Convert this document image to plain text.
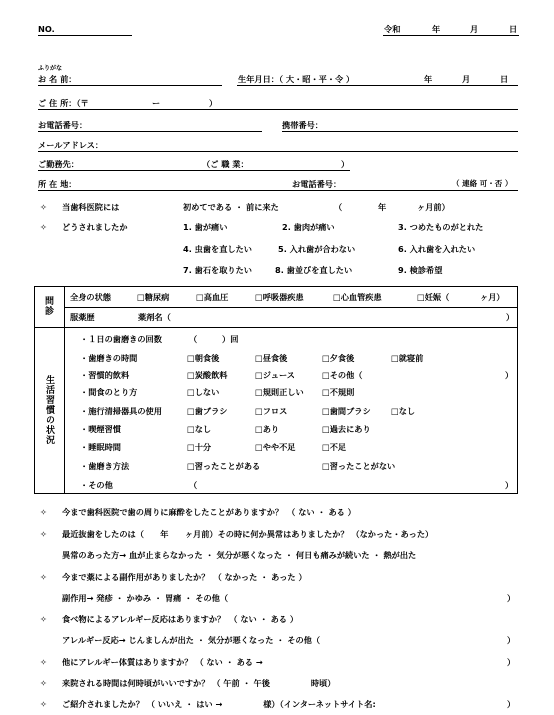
NO.	令和	年	月	日
ふりがな
お 名 前：	生年月日：（ 大・昭・平・令 ）	年	月	日
ご 住 所：（〒	ー	）
お電話番号：	携帯番号：
メールアドレス：
ご勤務先：	（ご 職 業：	）
所 在 地：	お電話番号：	（ 連絡 可・否 ）
✧ 当歯科医院には	初めてである ・ 前に来た	（	年	ヶ月前）
✧ どうされましたか	1. 歯が痛い	2. 歯肉が痛い	3. つめたものがとれた
4. 虫歯を直したい	5. 入れ歯が合わない	6. 入れ歯を入れたい
7. 歯石を取りたい	8. 歯並びを直したい	9. 検診希望
問診 全身の状態	□糖尿病	□高血圧	□呼吸器疾患	□心血管疾患	□妊娠（	ヶ月）
服薬歴	薬剤名（	）
生活習慣の状況
・１日の歯磨きの回数	（	）回
・歯磨きの時間	□朝食後	□昼食後	□夕食後	□就寝前
・習慣的飲料	□炭酸飲料	□ジュース	□その他（	）
・間食のとり方	□しない	□規則正しい □不規則
・施行清掃器具の使用	□歯ブラシ	□フロス	□歯間ブラシ □なし
・喫煙習慣	□なし	□あり	□過去にあり
・睡眠時間	□十分	□やや不足	□不足
・歯磨き方法	□習ったことがある	□習ったことがない
・その他	（	）
✧ 今まで歯科医院で歯の周りに麻酔をしたことがありますか？　（ ない ・ ある ）
✧ 最近抜歯をしたのは（　　年　　ヶ月前）その時に何か異常はありましたか？ （なかった・あった）
異常のあった方→ 血が止まらなかった ・ 気分が悪くなった ・ 何日も痛みが続いた ・ 熱が出た
✧ 今まで薬による副作用がありましたか？　（ なかった ・ あった ）
副作用→ 発疹 ・ かゆみ ・ 胃痛 ・ その他（	）
✧ 食べ物によるアレルギー反応はありますか？　（ ない ・ ある ）
アレルギー反応→ じんましんが出た ・ 気分が悪くなった ・ その他（	）
✧ 他にアレルギー体質はありますか？ （ ない ・ ある →	）
✧ 来院される時間は何時頃がいいですか？ （ 午前 ・ 午後　　　　　時頃）
✧ ご紹介されましたか？ （ いいえ ・ はい →　　　　　様）（インターネットサイト名:	）
